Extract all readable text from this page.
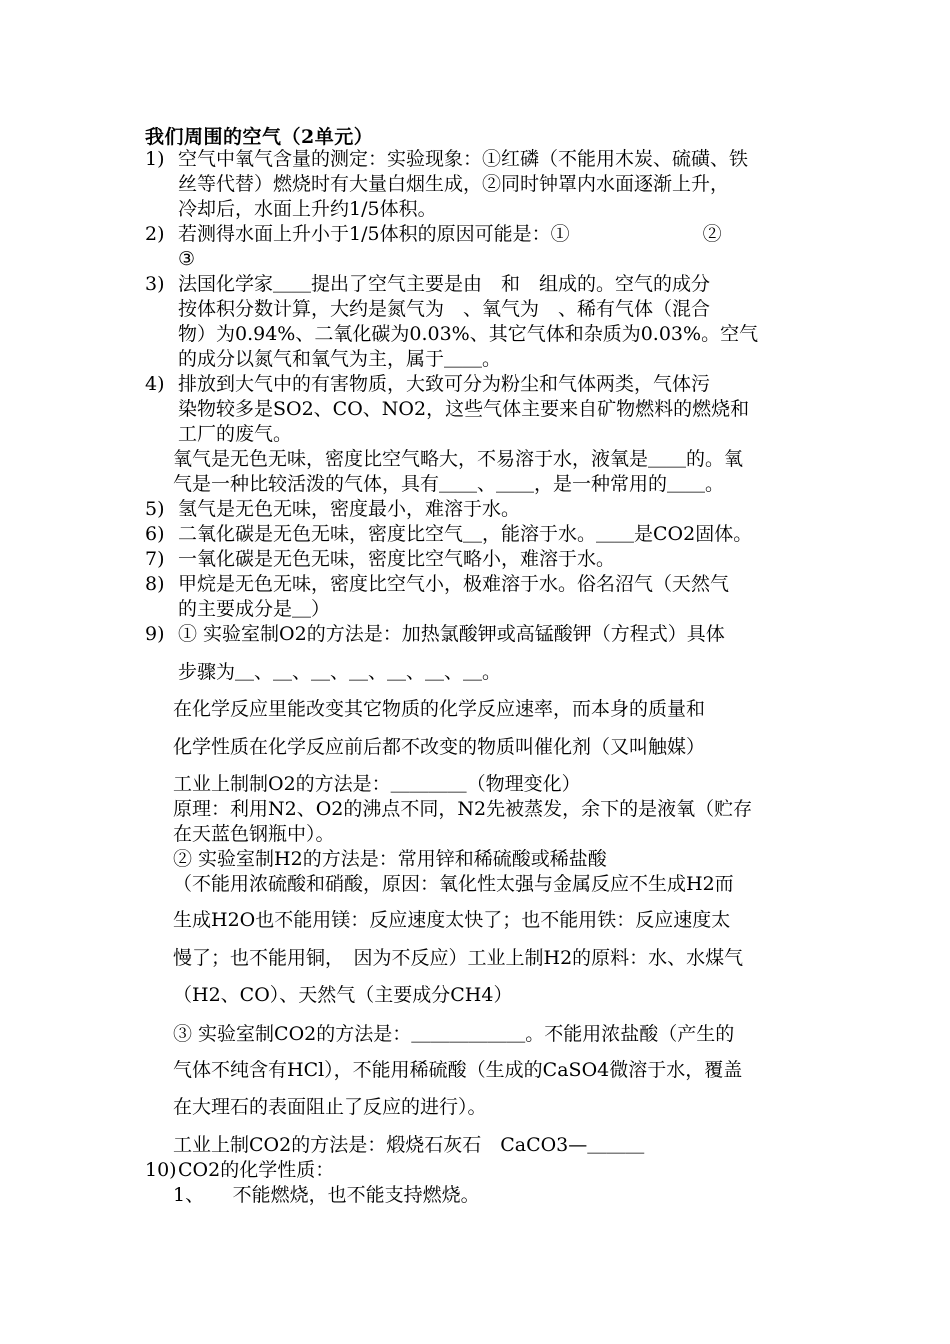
我们周围的空气（2单元）
1) 空气中氧气含量的测定：实验现象：①红磷（不能用木炭、硫磺、铁
丝等代替）燃烧时有大量白烟生成，②同时钟罩内水面逐渐上升，
冷却后，水面上升约1/5体积。
2) 若测得水面上升小于1/5体积的原因可能是：①　　　　　　　②
③　　　　　　
3) 法国化学家＿＿提出了空气主要是由　和　组成的。空气的成分
按体积分数计算，大约是氮气为　、氧气为　、稀有气体（混合
物）为0.94%、二氧化碳为0.03%、其它气体和杂质为0.03%。空气
的成分以氮气和氧气为主，属于＿＿。
4) 排放到大气中的有害物质，大致可分为粉尘和气体两类，气体污
染物较多是SO2、CO、NO2，这些气体主要来自矿物燃料的燃烧和
工厂的废气。
氧气是无色无味，密度比空气略大，不易溶于水，液氧是＿＿的。氧
气是一种比较活泼的气体，具有＿＿、＿＿，是一种常用的＿＿。
5) 氢气是无色无味，密度最小，难溶于水。
6) 二氧化碳是无色无味，密度比空气＿，能溶于水。＿＿是CO2固体。
7) 一氧化碳是无色无味，密度比空气略小，难溶于水。
8) 甲烷是无色无味，密度比空气小，极难溶于水。俗名沼气（天然气
的主要成分是＿）
9) ① 实验室制O2的方法是：加热氯酸钾或高锰酸钾（方程式）具体
步骤为＿、＿、＿、＿、＿、＿、＿。
在化学反应里能改变其它物质的化学反应速率，而本身的质量和
化学性质在化学反应前后都不改变的物质叫催化剂（又叫触媒）
工业上制制O2的方法是：＿＿＿＿（物理变化）
原理：利用N2、O2的沸点不同，N2先被蒸发，余下的是液氧（贮存
在天蓝色钢瓶中）。
② 实验室制H2的方法是：常用锌和稀硫酸或稀盐酸
（不能用浓硫酸和硝酸，原因：氧化性太强与金属反应不生成H2而
生成H2O也不能用镁：反应速度太快了；也不能用铁：反应速度太
慢了；也不能用铜，　因为不反应）工业上制H2的原料：水、水煤气
（H2、CO）、天然气（主要成分CH4）
③ 实验室制CO2的方法是：＿＿＿＿＿＿。不能用浓盐酸（产生的
气体不纯含有HCl），不能用稀硫酸（生成的CaSO4微溶于水，覆盖
在大理石的表面阻止了反应的进行）。
工业上制CO2的方法是：煅烧石灰石　CaCO3—＿＿＿
10) CO2的化学性质：
1、　　不能燃烧，也不能支持燃烧。
